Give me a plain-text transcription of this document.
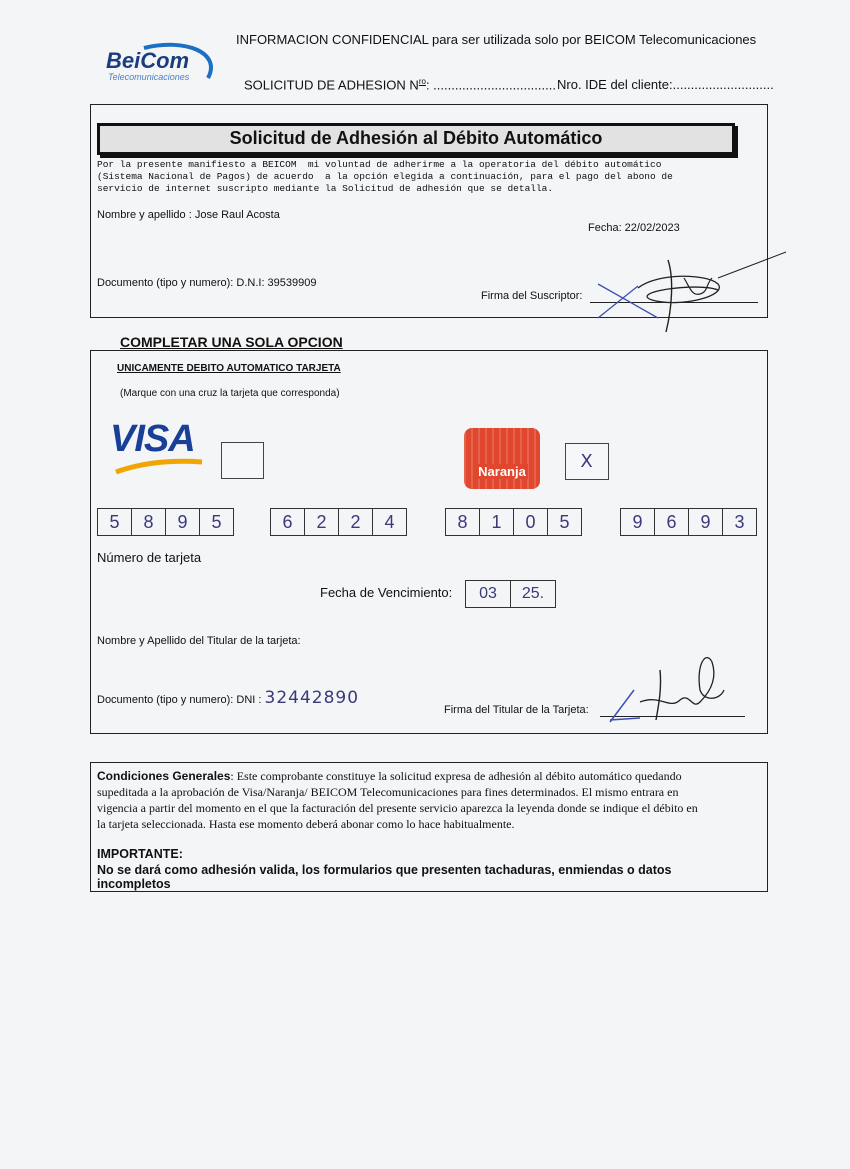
BeiCom
Telecomunicaciones
INFORMACION CONFIDENCIAL para ser utilizada solo por BEICOM Telecomunicaciones
SOLICITUD DE ADHESION $N^{ro}$: .................................. Nro. IDE del cliente:............................
Solicitud de Adhesión al Débito Automático
Por la presente manifiesto a BEICOM  mi voluntad de adherirme a la operatoria del débito automático
(Sistema Nacional de Pagos) de acuerdo  a la opción elegida a continuación, para el pago del abono de
servicio de internet suscripto mediante la Solicitud de adhesión que se detalla.
Nombre y apellido : Jose Raul Acosta
Fecha: 22/02/2023
Documento (tipo y numero): D.N.I: 39539909
Firma del Suscriptor:
COMPLETAR UNA SOLA OPCION
UNICAMENTE DEBITO AUTOMATICO TARJETA
(Marque con una cruz la tarjeta que corresponda)
VISA
Naranja	X
5	8	9	5	6	2	2	4	8	1	0	5	9	6	9	3
Número de tarjeta
Fecha de Vencimiento:	03	25.
Nombre y Apellido del Titular de la tarjeta:
Documento (tipo y numero): DNI : 32442890
Firma del Titular de la Tarjeta:
Condiciones Generales: Este comprobante constituye la solicitud expresa de adhesión al débito automático quedando
supeditada a la aprobación de Visa/Naranja/ BEICOM Telecomunicaciones para fines determinados. El mismo entrara en
vigencia a partir del momento en el que la facturación del presente servicio aparezca la leyenda donde se indique el débito en
la tarjeta seleccionada. Hasta ese momento deberá abonar como lo hace habitualmente.
IMPORTANTE:
No se dará como adhesión valida, los formularios que presenten tachaduras, enmiendas o datos
incompletos
